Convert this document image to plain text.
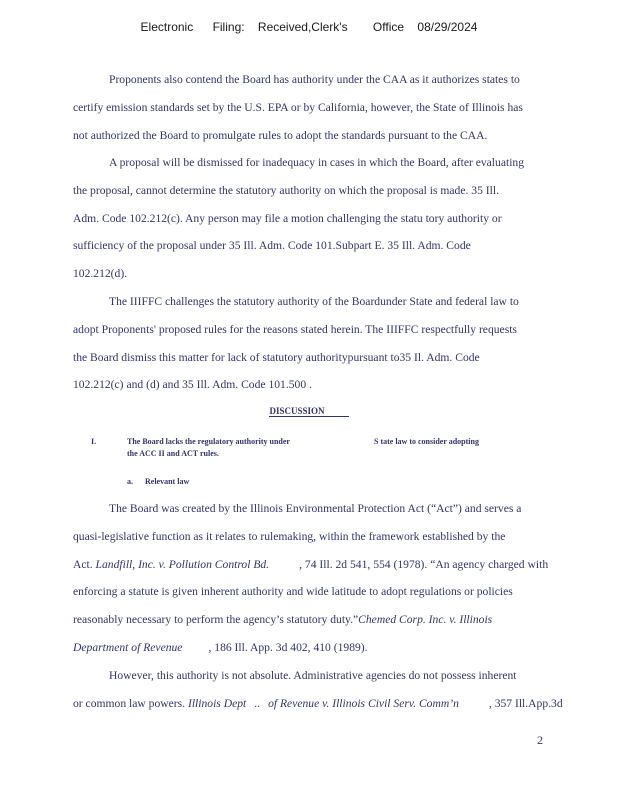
Electronic Filing: Received,Clerk's Office 08/29/2024
Proponents also contend the Board has authority under the CAA as it authorizes states to
certify emission standards set by the U.S. EPA or by California, however, the State of Illinois has
not authorized the Board to promulgate rules to adopt the standards pursuant to the CAA.
A proposal will be dismissed for inadequacy in cases in which the Board, after evaluating
the proposal, cannot determine the statutory authority on which the proposal is made. 35 Ill.
Adm. Code 102.212(c). Any person may file a motion challenging the statu tory authority or
sufficiency of the proposal under 35 Ill. Adm. Code 101.Subpart E. 35 Ill. Adm. Code
102.212(d).
The IIIFFC challenges the statutory authority of the Boardunder State and federal law to
adopt Proponents' proposed rules for the reasons stated herein. The IIIFFC respectfully requests
the Board dismiss this matter for lack of statutory authoritypursuant to35 Il. Adm. Code
102.212(c) and (d) and 35 Ill. Adm. Code 101.500 .
DISCUSSION
I.	The Board lacks the regulatory authority under	S tate law to consider adopting
the ACC II and ACT rules.
a. Relevant law
The Board was created by the Illinois Environmental Protection Act (“Act”) and serves a
quasi-legislative function as it relates to rulemaking, within the framework established by the
Act. Landfill, Inc. v. Pollution Control Bd.	, 74 Ill. 2d 541, 554 (1978). “An agency charged with
enforcing a statute is given inherent authority and wide latitude to adopt regulations or policies
reasonably necessary to perform the agency’s statutory duty.”Chemed Corp. Inc. v. Illinois
Department of Revenue , 186 Ill. App. 3d 402, 410 (1989).
However, this authority is not absolute. Administrative agencies do not possess inherent
or common law powers. Illinois Dept .. of Revenue v. Illinois Civil Serv. Comm’n	, 357 Ill.App.3d
2
